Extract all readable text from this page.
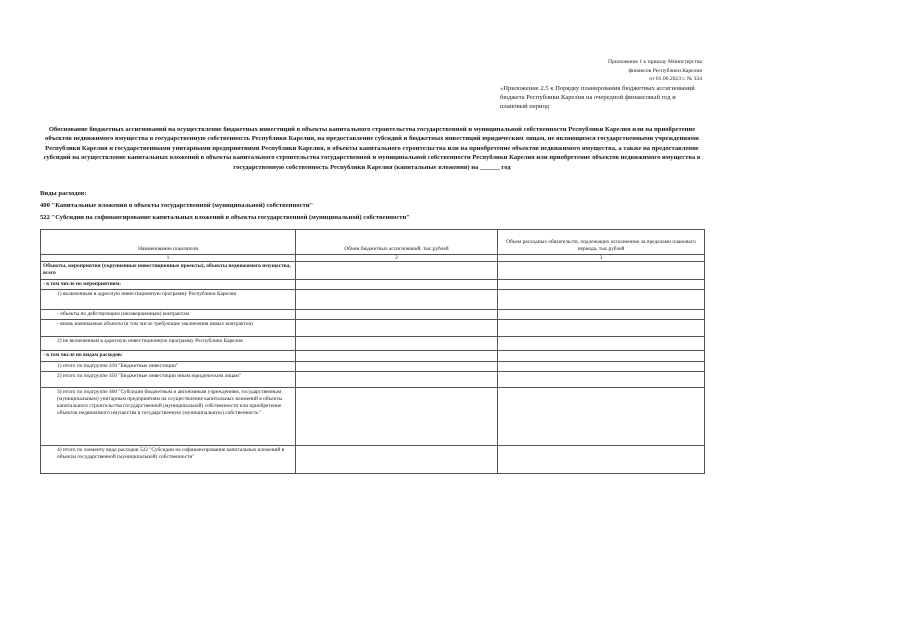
Приложение 1 к приказу Министерства
финансов Республики Карелия
от 01.06.2023 г. № 334
«Приложение 2.5 к Порядку планирования бюджетных ассигнований бюджета Республики Карелия на очередной финансовый год и плановый период
Обоснование бюджетных ассигнований на осуществление бюджетных инвестиций в объекты капитального строительства государственной и муниципальной собственности Республики Карелия или на приобретение объектов недвижимого имущества в государственную собственность Республики Карелия, на предоставление субсидий и бюджетных инвестиций юридическим лицам, не являющимся государственными учреждениями Республики Карелия и государственными унитарными предприятиями Республики Карелия, в объекты капитального строительства или на приобретение объектов недвижимого имущества, а также на предоставление субсидий на осуществление капитальных вложений в объекты капитального строительства государственной и муниципальной собственности Республики Карелия или приобретение объектов недвижимого имущества в государственную собственность Республики Карелия (капитальные вложения) на ______ год
Виды расходов:
400 "Капитальные вложения в объекты государственной (муниципальной) собственности"
522 "Субсидии на софинансирование капитальных вложений в объекты государственной (муниципальной) собственности"
Наименование показателя	Объем бюджетных ассигнований, тыс.рублей	Объем расходных обязательств, подлежащих исполнению за пределами планового периода, тыс.рублей
1	2	3
Объекты, мероприятия (укрупненные инвестиционные проекты), объекты недвижимого имущества, всего		
- в том числе по мероприятиям:		
1) включенным в адресную инвестиционную программу Республики Карелия		
- объекты по действующим (незавершенным) контрактам		
- вновь начинаемые объекты (в том числе требующие заключения новых контрактов)		
2) не включенным в адресную инвестиционную программу Республики Карелия		
- в том числе по видам расходов:		
1) итого по подгруппе 410 "Бюджетные инвестиции"		
2) итого по подгруппе 450 "Бюджетные инвестиции иным юридическим лицам"		
3) итого по подгруппе 460 "Субсидии бюджетным и автономным учреждениям, государственным (муниципальным) унитарным предприятиям на осуществление капитальных вложений в объекты капитального строительства государственной (муниципальной) собственности или приобретение объектов недвижимого имущества в государственную (муниципальную) собственность"		
4) итого по элементу вида расходов 522 "Субсидии на софинансирование капитальных вложений в объекты государственной (муниципальной) собственности"		
